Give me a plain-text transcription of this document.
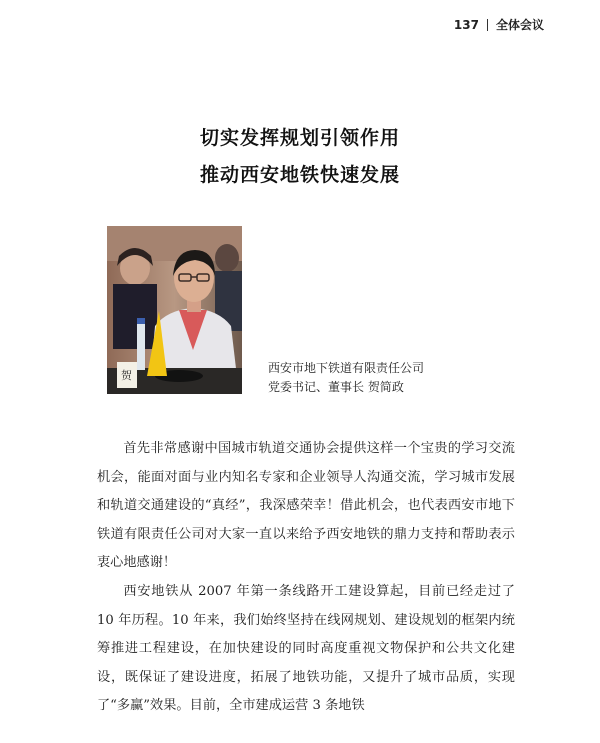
137 全体会议
切实发挥规划引领作用
推动西安地铁快速发展
贺
西安市地下铁道有限责任公司
党委书记、董事长 贺简政

首先非常感谢中国城市轨道交通协会提供这样一个宝贵的学习交流机会，能面对面与业内知名专家和企业领导人沟通交流，学习城市发展和轨道交通建设的“真经”，我深感荣幸！借此机会，也代表西安市地下铁道有限责任公司对大家一直以来给予西安地铁的鼎力支持和帮助表示衷心地感谢！

西安地铁从 2007 年第一条线路开工建设算起，目前已经走过了 10 年历程。10 年来，我们始终坚持在线网规划、建设规划的框架内统筹推进工程建设，在加快建设的同时高度重视文物保护和公共文化建设，既保证了建设进度，拓展了地铁功能，又提升了城市品质，实现了“多赢”效果。目前，全市建成运营 3 条地铁
